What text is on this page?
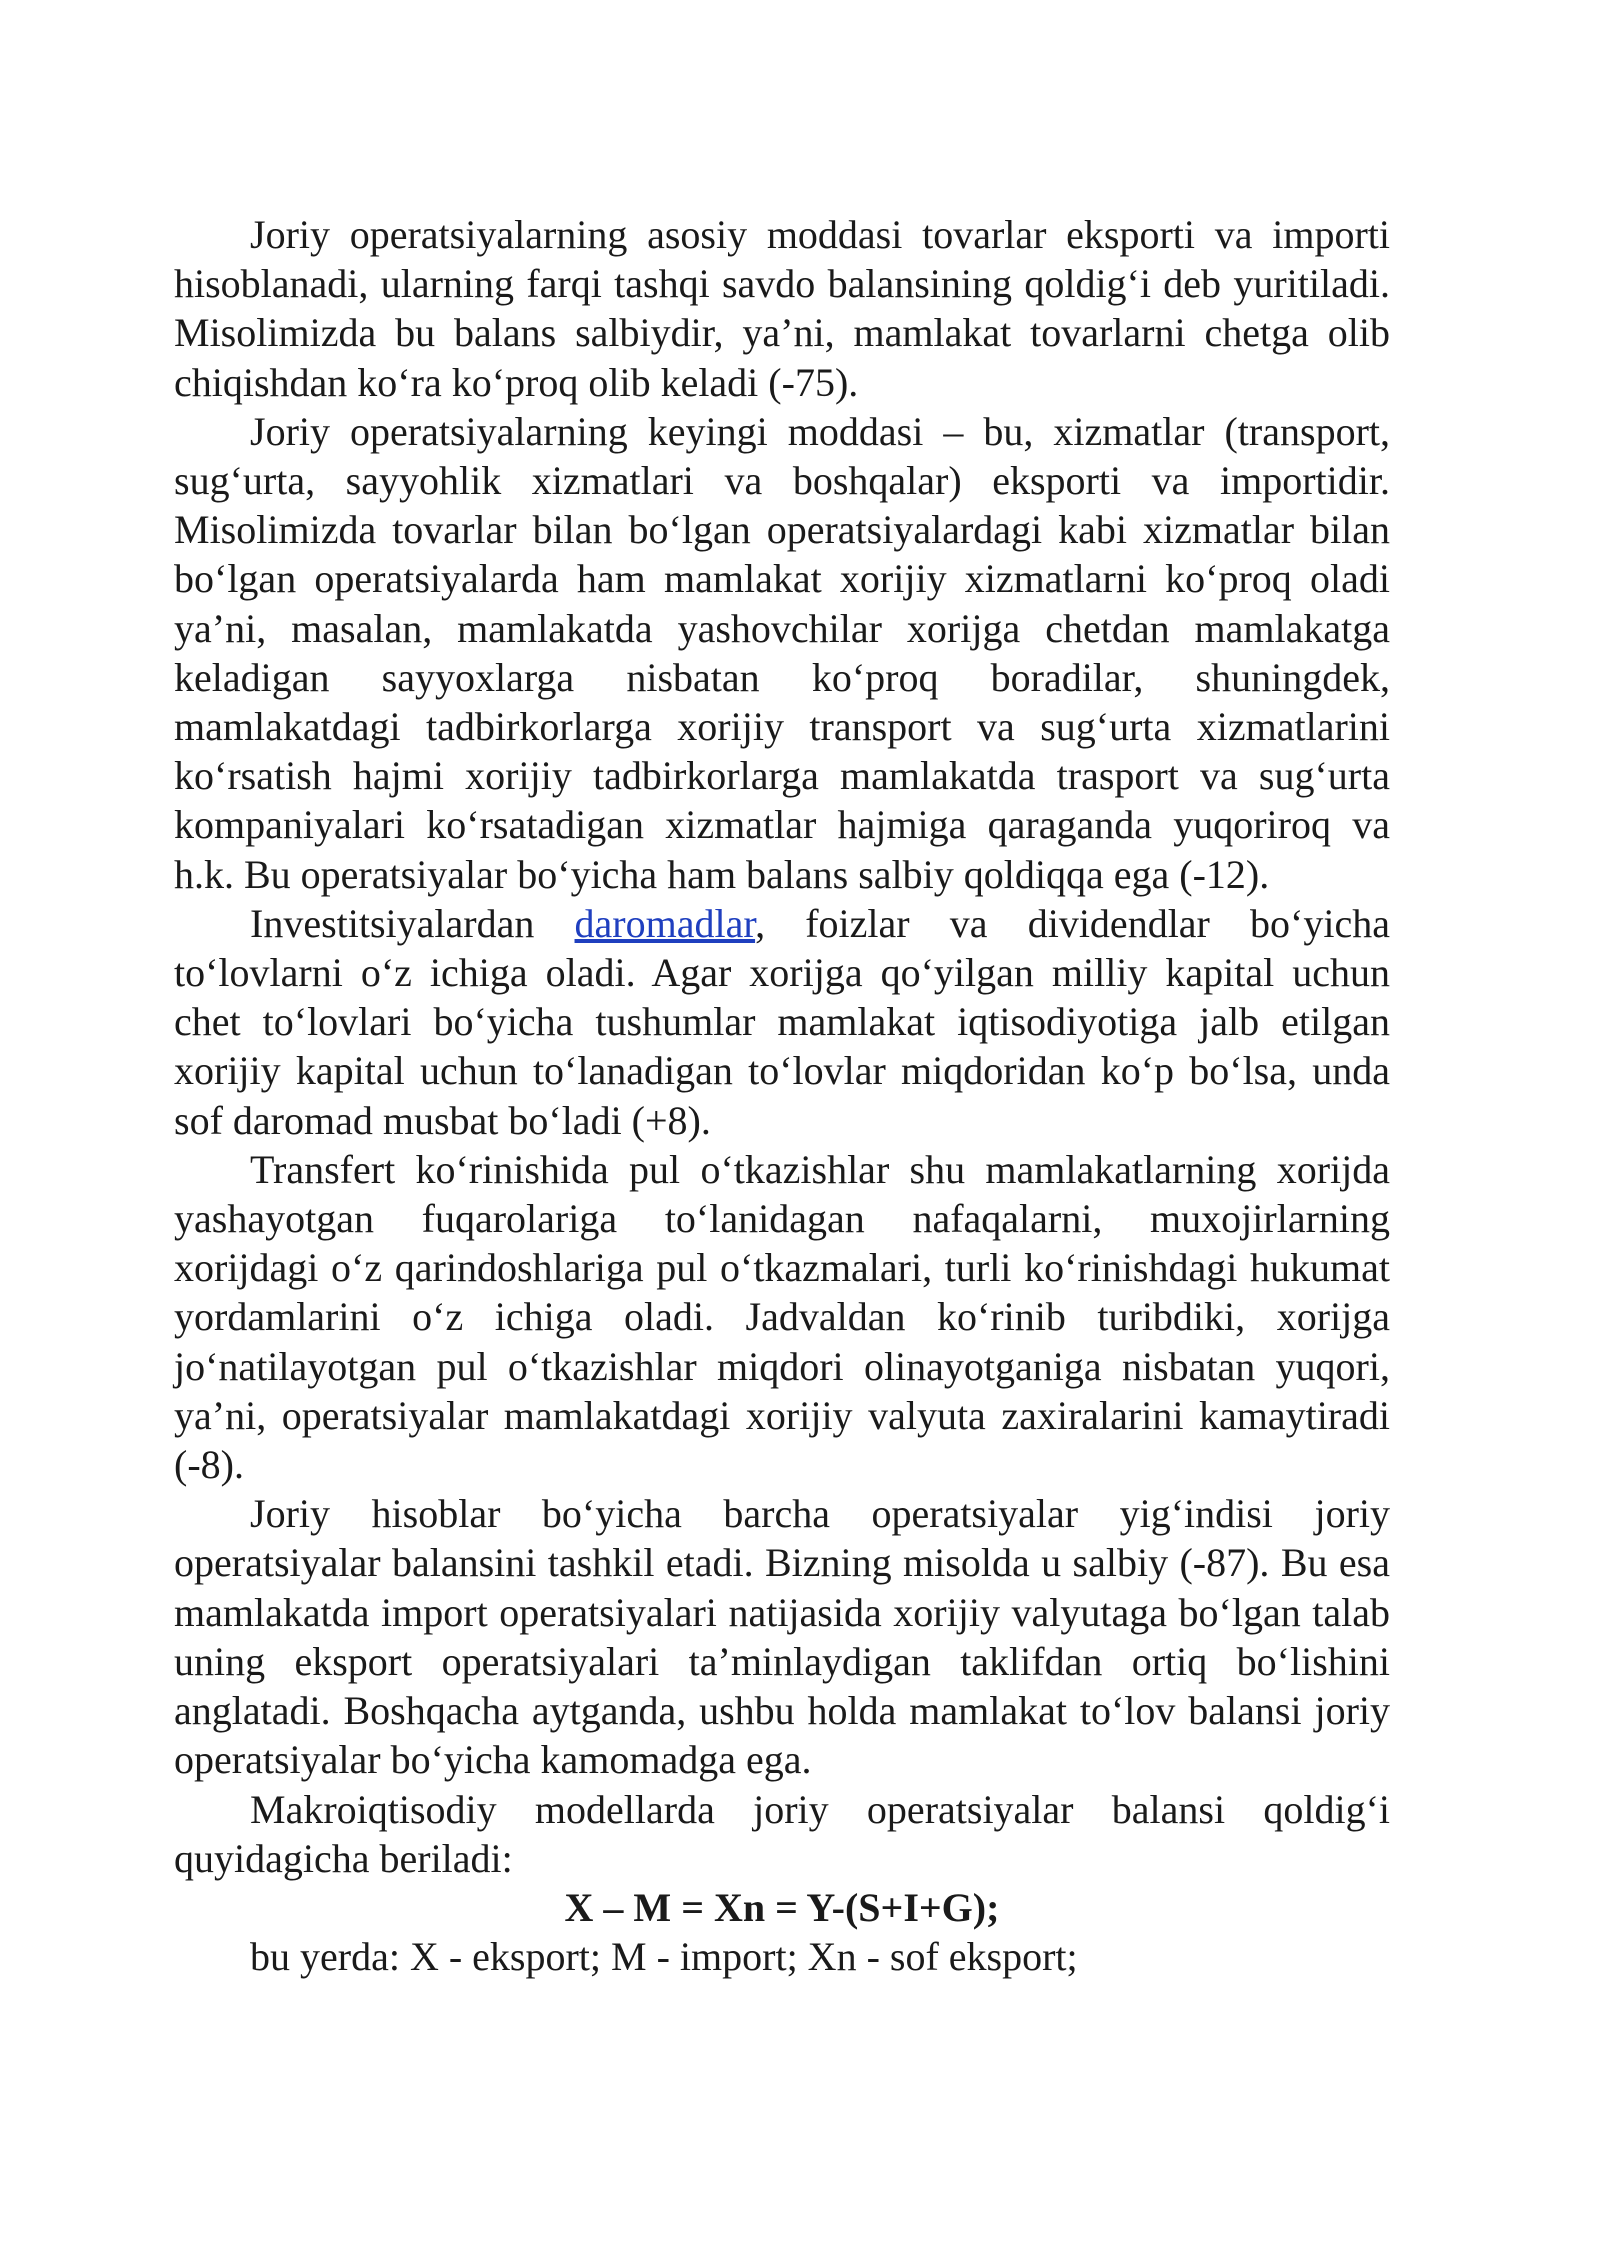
Joriy operatsiyalarning asosiy moddasi tovarlar eksporti va importi hisoblanadi, ularning farqi tashqi savdo balansining qoldig‘i deb yuritiladi. Misolimizda bu balans salbiydir, ya’ni, mamlakat tovarlarni chetga olib chiqishdan ko‘ra ko‘proq olib keladi (-75).

Joriy operatsiyalarning keyingi moddasi – bu, xizmatlar (transport, sug‘urta, sayyohlik xizmatlari va boshqalar) eksporti va importidir. Misolimizda tovarlar bilan bo‘lgan operatsiyalardagi kabi xizmatlar bilan bo‘lgan operatsiyalarda ham mamlakat xorijiy xizmatlarni ko‘proq oladi ya’ni, masalan, mamlakatda yashovchilar xorijga chetdan mamlakatga keladigan sayyoxlarga nisbatan ko‘proq boradilar, shuningdek, mamlakatdagi tadbirkorlarga xorijiy transport va sug‘urta xizmatlarini ko‘rsatish hajmi xorijiy tadbirkorlarga mamlakatda trasport va sug‘urta kompaniyalari ko‘rsatadigan xizmatlar hajmiga qaraganda yuqoriroq va h.k. Bu operatsiyalar bo‘yicha ham balans salbiy qoldiqqa ega (-12).

Investitsiyalardan daromadlar, foizlar va dividendlar bo‘yicha to‘lovlarni o‘z ichiga oladi. Agar xorijga qo‘yilgan milliy kapital uchun chet to‘lovlari bo‘yicha tushumlar mamlakat iqtisodiyotiga jalb etilgan xorijiy kapital uchun to‘lanadigan to‘lovlar miqdoridan ko‘p bo‘lsa, unda sof daromad musbat bo‘ladi (+8).

Transfert ko‘rinishida pul o‘tkazishlar shu mamlakatlarning xorijda yashayotgan fuqarolariga to‘lanidagan nafaqalarni, muxojirlarning xorijdagi o‘z qarindoshlariga pul o‘tkazmalari, turli ko‘rinishdagi hukumat yordamlarini o‘z ichiga oladi. Jadvaldan ko‘rinib turibdiki, xorijga jo‘natilayotgan pul o‘tkazishlar miqdori olinayotganiga nisbatan yuqori, ya’ni, operatsiyalar mamlakatdagi xorijiy valyuta zaxiralarini kamaytiradi (-8).

Joriy hisoblar bo‘yicha barcha operatsiyalar yig‘indisi joriy operatsiyalar balansini tashkil etadi. Bizning misolda u salbiy (-87). Bu esa mamlakatda import operatsiyalari natijasida xorijiy valyutaga bo‘lgan talab uning eksport operatsiyalari ta’minlaydigan taklifdan ortiq bo‘lishini anglatadi. Boshqacha aytganda, ushbu holda mamlakat to‘lov balansi joriy operatsiyalar bo‘yicha kamomadga ega.

Makroiqtisodiy modellarda joriy operatsiyalar balansi qoldig‘i quyidagicha beriladi:

X – M = Xn = Y-(S+I+G);

bu yerda: X - eksport; M - import; Xn - sof eksport;
